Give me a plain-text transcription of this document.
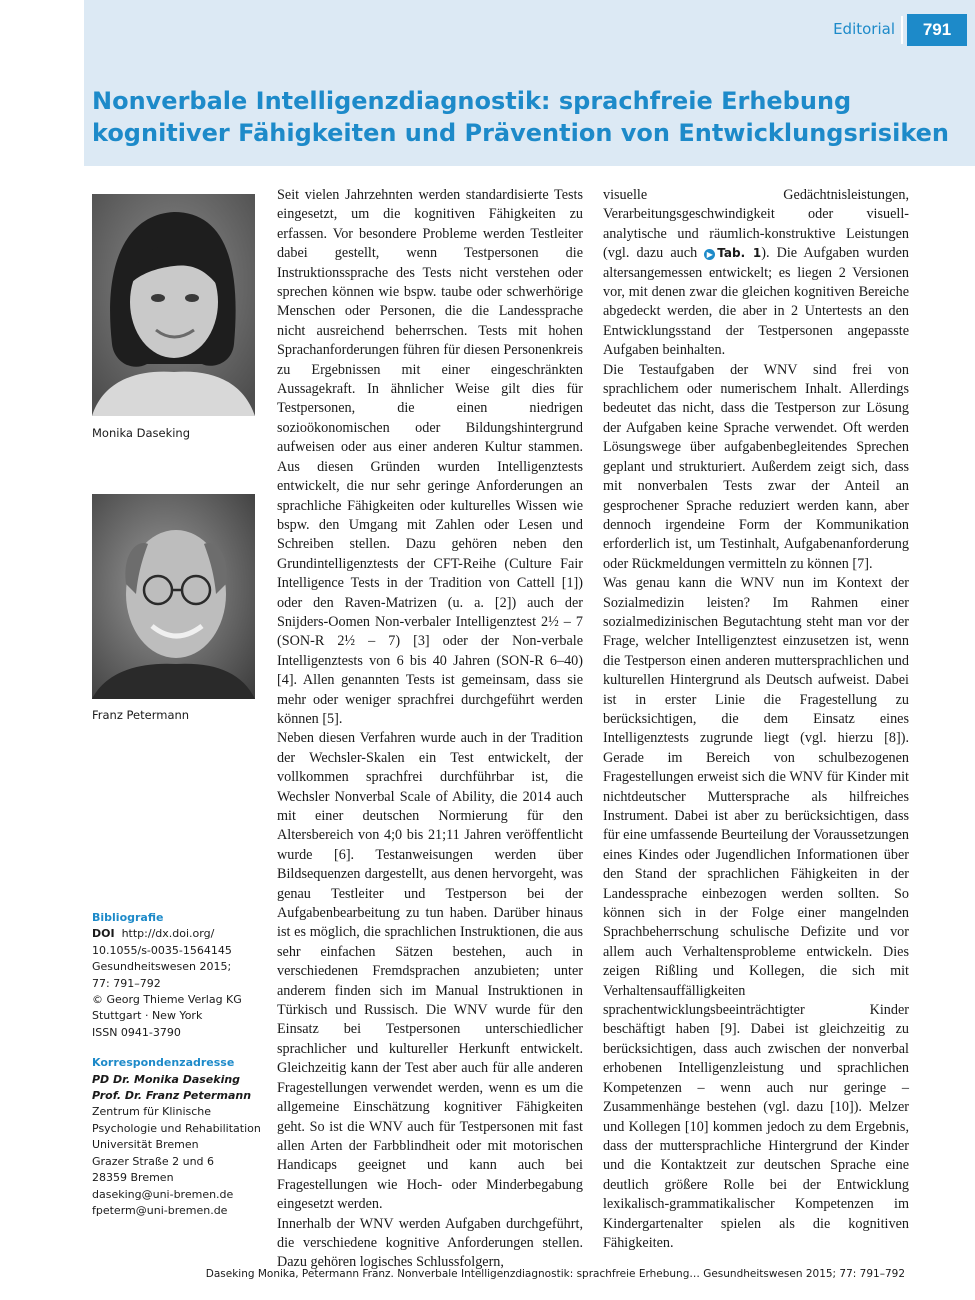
Editorial	791
Nonverbale Intelligenzdiagnostik: sprachfreie Erhebung kognitiver Fähigkeiten und Prävention von Entwicklungsrisiken
Monika Daseking
Franz Petermann
Bibliografie
DOI http://dx.doi.org/
10.1055/s-0035-1564145
Gesundheitswesen 2015;
77: 791–792
© Georg Thieme Verlag KG
Stuttgart · New York
ISSN 0941-3790
Korrespondenzadresse
PD Dr. Monika Daseking
Prof. Dr. Franz Petermann
Zentrum für Klinische
Psychologie und Rehabilitation
Universität Bremen
Grazer Straße 2 und 6
28359 Bremen
daseking@uni-bremen.de
fpeterm@uni-bremen.de

Seit vielen Jahrzehnten werden standardisierte Tests eingesetzt, um die kognitiven Fähigkeiten zu erfassen. Vor besondere Probleme werden Testleiter dabei gestellt, wenn Testpersonen die Instruktionssprache des Tests nicht verstehen oder sprechen können wie bspw. taube oder schwerhörige Menschen oder Personen, die die Landessprache nicht ausreichend beherrschen. Tests mit hohen Sprachanforderungen führen für diesen Personenkreis zu Ergebnissen mit einer eingeschränkten Aussagekraft. In ähnlicher Weise gilt dies für Testpersonen, die einen niedrigen sozioökonomischen oder Bildungshintergrund aufweisen oder aus einer anderen Kultur stammen. Aus diesen Gründen wurden Intelligenztests entwickelt, die nur sehr geringe Anforderungen an sprachliche Fähigkeiten oder kulturelles Wissen wie bspw. den Umgang mit Zahlen oder Lesen und Schreiben stellen. Dazu gehören neben den Grundintelligenztests der CFT-Reihe (Culture Fair Intelligence Tests in der Tradition von Cattell [1]) oder den Raven-Matrizen (u. a. [2]) auch der Snijders-Oomen Non-verbaler Intelligenztest 2½ – 7 (SON-R 2½ – 7) [3] oder der Non-verbale Intelligenztests von 6 bis 40 Jahren (SON-R 6–40) [4]. Allen genannten Tests ist gemeinsam, dass sie mehr oder weniger sprachfrei durchgeführt werden können [5].

Neben diesen Verfahren wurde auch in der Tradition der Wechsler-Skalen ein Test entwickelt, der vollkommen sprachfrei durchführbar ist, die Wechsler Nonverbal Scale of Ability, die 2014 auch mit einer deutschen Normierung für den Altersbereich von 4;0 bis 21;11 Jahren veröffentlicht wurde [6]. Testanweisungen werden über Bildsequenzen dargestellt, aus denen hervorgeht, was genau Testleiter und Testperson bei der Aufgabenbearbeitung zu tun haben. Darüber hinaus ist es möglich, die sprachlichen Instruktionen, die aus sehr einfachen Sätzen bestehen, auch in verschiedenen Fremdsprachen anzubieten; unter anderem finden sich im Manual Instruktionen in Türkisch und Russisch. Die WNV wurde für den Einsatz bei Testpersonen unterschiedlicher sprachlicher und kultureller Herkunft entwickelt. Gleichzeitig kann der Test aber auch für alle anderen Fragestellungen verwendet werden, wenn es um die allgemeine Einschätzung kognitiver Fähigkeiten geht. So ist die WNV auch für Testpersonen mit fast allen Arten der Farbblindheit oder mit motorischen Handicaps geeignet und kann auch bei Fragestellungen wie Hoch- oder Minderbegabung eingesetzt werden.

Innerhalb der WNV werden Aufgaben durchgeführt, die verschiedene kognitive Anforderungen stellen. Dazu gehören logisches Schlussfolgern,

visuelle Gedächtnisleistungen, Verarbeitungsgeschwindigkeit oder visuell-analytische und räumlich-konstruktive Leistungen (vgl. dazu auch ▶ Tab. 1). Die Aufgaben wurden altersangemessen entwickelt; es liegen 2 Versionen vor, mit denen zwar die gleichen kognitiven Bereiche abgedeckt werden, die aber in 2 Untertests an den Entwicklungsstand der Testpersonen angepasste Aufgaben beinhalten.

Die Testaufgaben der WNV sind frei von sprachlichem oder numerischem Inhalt. Allerdings bedeutet das nicht, dass die Testperson zur Lösung der Aufgaben keine Sprache verwendet. Oft werden Lösungswege über aufgabenbegleitendes Sprechen geplant und strukturiert. Außerdem zeigt sich, dass mit nonverbalen Tests zwar der Anteil an gesprochener Sprache reduziert werden kann, aber dennoch irgendeine Form der Kommunikation erforderlich ist, um Testinhalt, Aufgabenanforderung oder Rückmeldungen vermitteln zu können [7].

Was genau kann die WNV nun im Kontext der Sozialmedizin leisten? Im Rahmen einer sozialmedizinischen Begutachtung steht man vor der Frage, welcher Intelligenztest einzusetzen ist, wenn die Testperson einen anderen muttersprachlichen und kulturellen Hintergrund als Deutsch aufweist. Dabei ist in erster Linie die Fragestellung zu berücksichtigen, die dem Einsatz eines Intelligenztests zugrunde liegt (vgl. hierzu [8]). Gerade im Bereich von schulbezogenen Fragestellungen erweist sich die WNV für Kinder mit nichtdeutscher Muttersprache als hilfreiches Instrument. Dabei ist aber zu berücksichtigen, dass für eine umfassende Beurteilung der Voraussetzungen eines Kindes oder Jugendlichen Informationen über den Stand der sprachlichen Fähigkeiten in der Landessprache einbezogen werden sollten. So können sich in der Folge einer mangelnden Sprachbeherrschung schulische Defizite und vor allem auch Verhaltensprobleme entwickeln. Dies zeigen Rißling und Kollegen, die sich mit Verhaltensauffälligkeiten sprachentwicklungsbeeinträchtigter Kinder beschäftigt haben [9]. Dabei ist gleichzeitig zu berücksichtigen, dass auch zwischen der nonverbal erhobenen Intelligenzleistung und sprachlichen Kompetenzen – wenn auch nur geringe – Zusammenhänge bestehen (vgl. dazu [10]). Melzer und Kollegen [10] kommen jedoch zu dem Ergebnis, dass der muttersprachliche Hintergrund der Kinder und die Kontaktzeit zur deutschen Sprache eine deutlich größere Rolle bei der Entwicklung lexikalisch-grammatikalischer Kompetenzen im Kindergartenalter spielen als die kognitiven Fähigkeiten.

Daseking Monika, Petermann Franz. Nonverbale Intelligenzdiagnostik: sprachfreie Erhebung… Gesundheitswesen 2015; 77: 791–792
